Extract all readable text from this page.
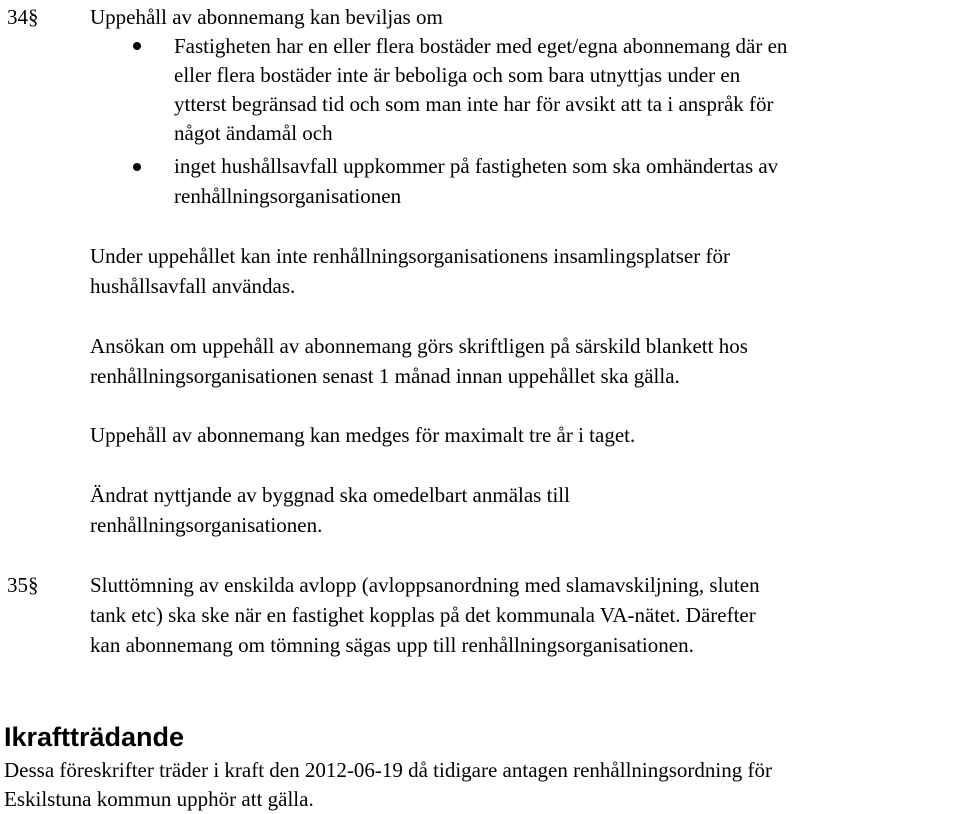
34§ Uppehåll av abonnemang kan beviljas om
Fastigheten har en eller flera bostäder med eget/egna abonnemang där en
eller flera bostäder inte är beboliga och som bara utnyttjas under en
ytterst begränsad tid och som man inte har för avsikt att ta i anspråk för
något ändamål och
inget hushållsavfall uppkommer på fastigheten som ska omhändertas av
renhållningsorganisationen
Under uppehållet kan inte renhållningsorganisationens insamlingsplatser för
hushållsavfall användas.
Ansökan om uppehåll av abonnemang görs skriftligen på särskild blankett hos
renhållningsorganisationen senast 1 månad innan uppehållet ska gälla.
Uppehåll av abonnemang kan medges för maximalt tre år i taget.
Ändrat nyttjande av byggnad ska omedelbart anmälas till
renhållningsorganisationen.
35§ Sluttömning av enskilda avlopp (avloppsanordning med slamavskiljning, sluten
tank etc) ska ske när en fastighet kopplas på det kommunala VA-nätet. Därefter
kan abonnemang om tömning sägas upp till renhållningsorganisationen.
Ikraftträdande
Dessa föreskrifter träder i kraft den 2012-06-19 då tidigare antagen renhållningsordning för
Eskilstuna kommun upphör att gälla.
